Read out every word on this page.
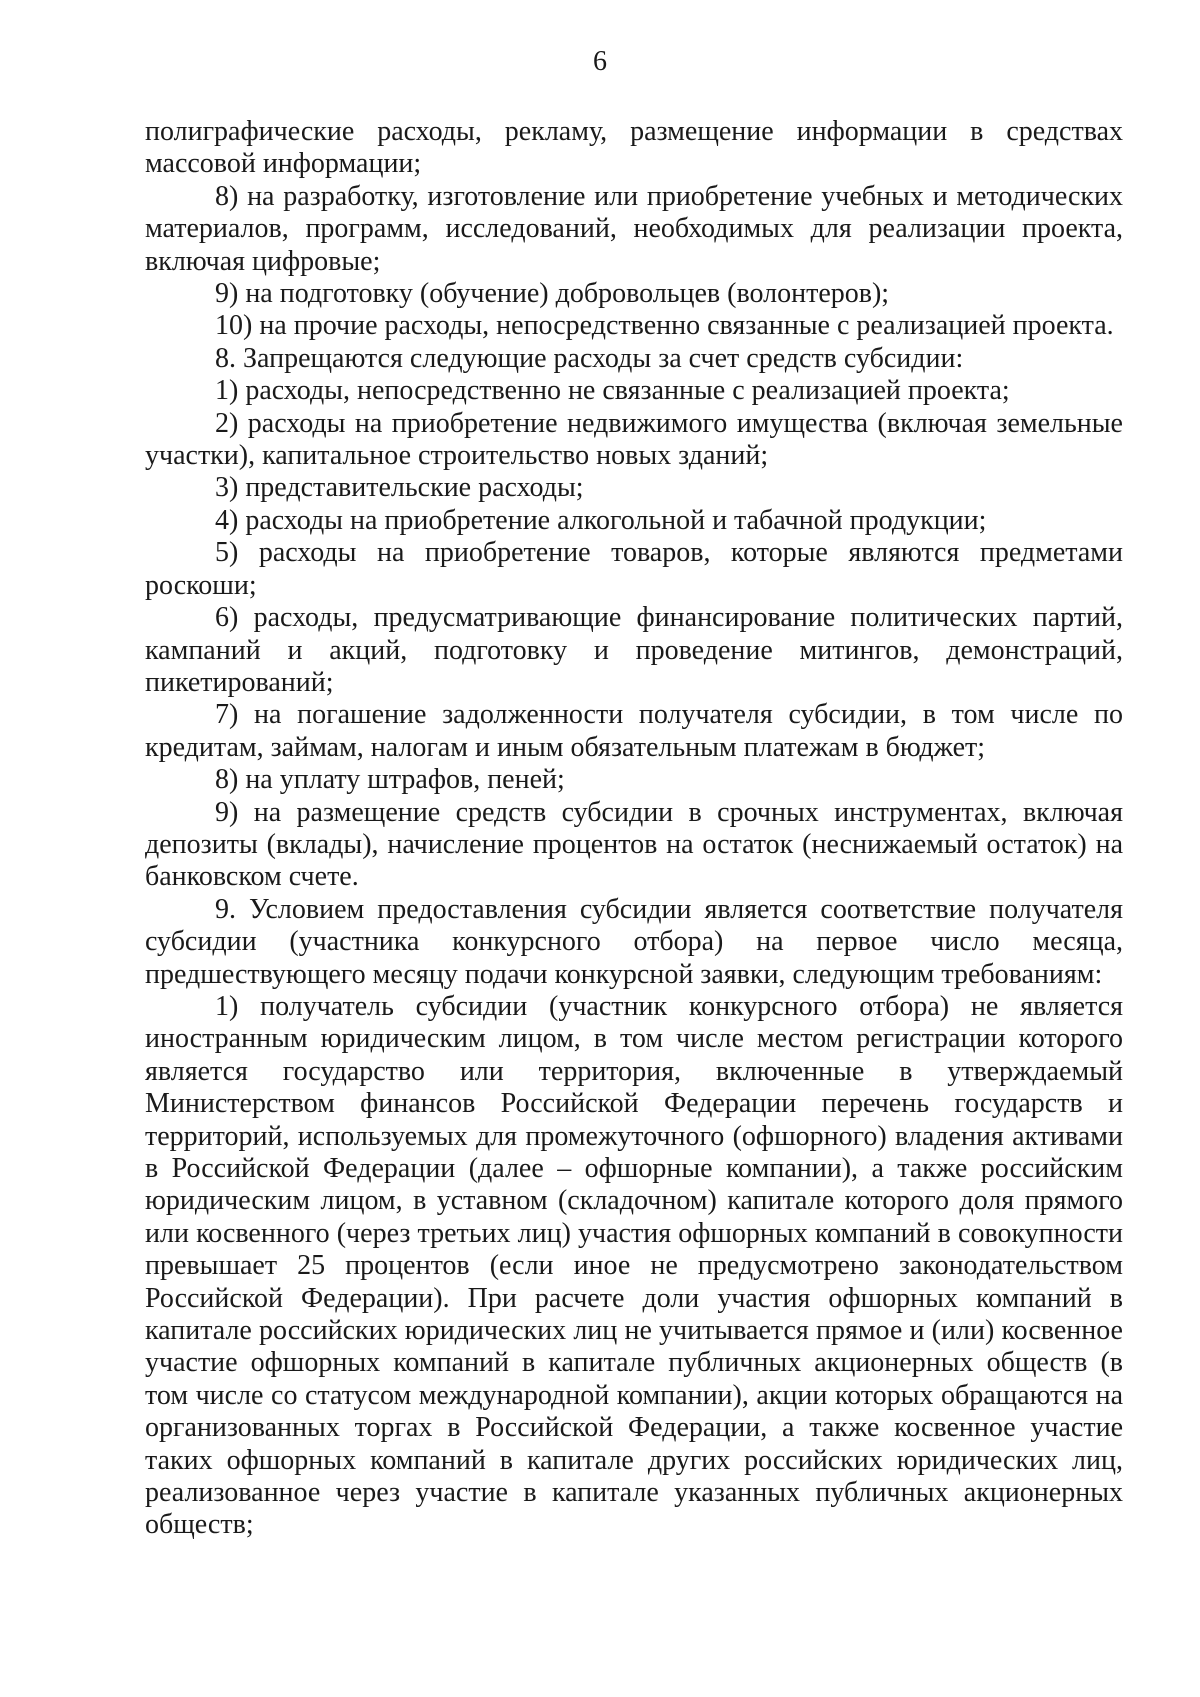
6

полиграфические расходы, рекламу, размещение информации в средствах массовой информации;

8) на разработку, изготовление или приобретение учебных и методических материалов, программ, исследований, необходимых для реализации проекта, включая цифровые;

9) на подготовку (обучение) добровольцев (волонтеров);

10) на прочие расходы, непосредственно связанные с реализацией проекта.

8. Запрещаются следующие расходы за счет средств субсидии:

1) расходы, непосредственно не связанные с реализацией проекта;

2) расходы на приобретение недвижимого имущества (включая земельные участки), капитальное строительство новых зданий;

3) представительские расходы;

4) расходы на приобретение алкогольной и табачной продукции;

5) расходы на приобретение товаров, которые являются предметами роскоши;

6) расходы, предусматривающие финансирование политических партий, кампаний и акций, подготовку и проведение митингов, демонстраций, пикетирований;

7) на погашение задолженности получателя субсидии, в том числе по кредитам, займам, налогам и иным обязательным платежам в бюджет;

8) на уплату штрафов, пеней;

9) на размещение средств субсидии в срочных инструментах, включая депозиты (вклады), начисление процентов на остаток (неснижаемый остаток) на банковском счете.

9. Условием предоставления субсидии является соответствие получателя субсидии (участника конкурсного отбора) на первое число месяца, предшествующего месяцу подачи конкурсной заявки, следующим требованиям:

1) получатель субсидии (участник конкурсного отбора) не является иностранным юридическим лицом, в том числе местом регистрации которого является государство или территория, включенные в утверждаемый Министерством финансов Российской Федерации перечень государств и территорий, используемых для промежуточного (офшорного) владения активами в Российской Федерации (далее – офшорные компании), а также российским юридическим лицом, в уставном (складочном) капитале которого доля прямого или косвенного (через третьих лиц) участия офшорных компаний в совокупности превышает 25 процентов (если иное не предусмотрено законодательством Российской Федерации). При расчете доли участия офшорных компаний в капитале российских юридических лиц не учитывается прямое и (или) косвенное участие офшорных компаний в капитале публичных акционерных обществ (в том числе со статусом международной компании), акции которых обращаются на организованных торгах в Российской Федерации, а также косвенное участие таких офшорных компаний в капитале других российских юридических лиц, реализованное через участие в капитале указанных публичных акционерных обществ;
